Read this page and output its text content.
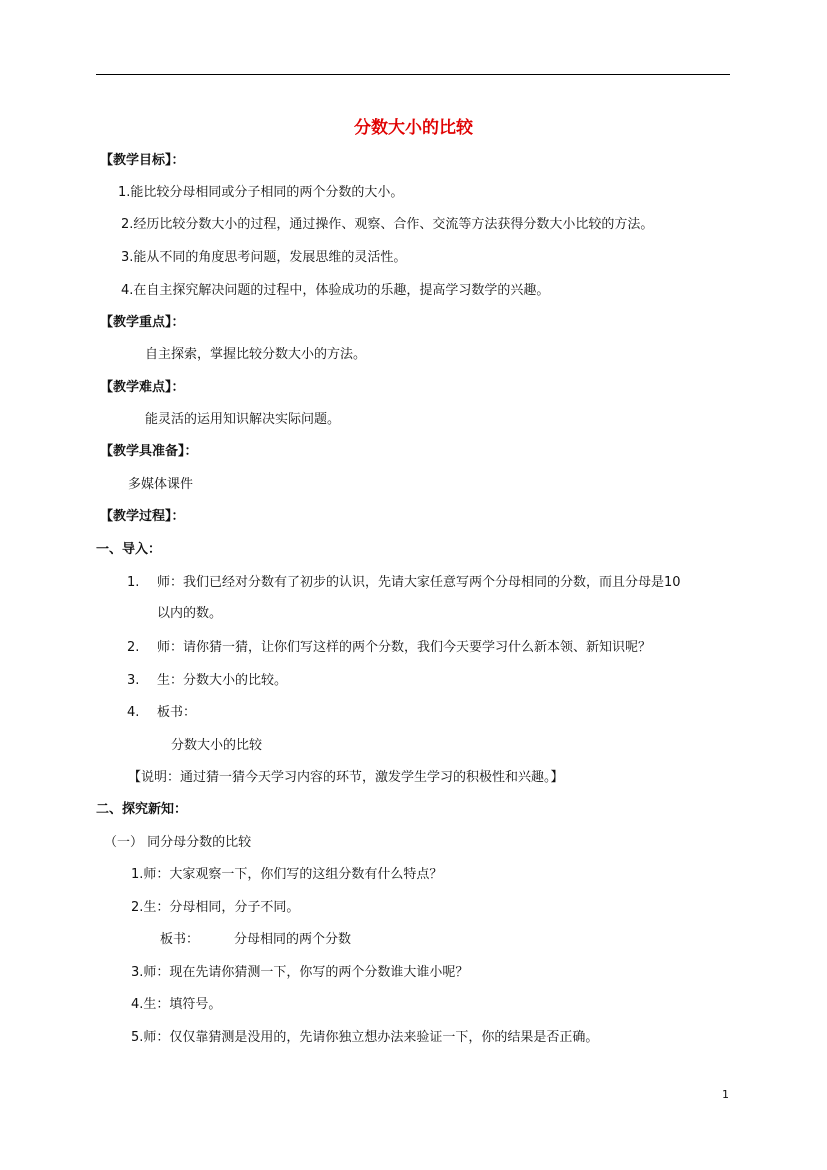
分数大小的比较
【教学目标】：
1.能比较分母相同或分子相同的两个分数的大小。
2.经历比较分数大小的过程，通过操作、观察、合作、交流等方法获得分数大小比较的方法。
3.能从不同的角度思考问题，发展思维的灵活性。
4.在自主探究解决问题的过程中，体验成功的乐趣，提高学习数学的兴趣。
【教学重点】：
自主探索，掌握比较分数大小的方法。
【教学难点】：
能灵活的运用知识解决实际问题。
【教学具准备】：
多媒体课件
【教学过程】：
一、导入：
1. 师：我们已经对分数有了初步的认识，先请大家任意写两个分母相同的分数，而且分母是10
以内的数。
2. 师：请你猜一猜，让你们写这样的两个分数，我们今天要学习什么新本领、新知识呢？
3. 生：分数大小的比较。
4. 板书：
分数大小的比较
【说明：通过猜一猜今天学习内容的环节，激发学生学习的积极性和兴趣。】
二、探究新知：
（一） 同分母分数的比较
1.师：大家观察一下，你们写的这组分数有什么特点？
2.生：分母相同，分子不同。
板书：	分母相同的两个分数
3.师：现在先请你猜测一下，你写的两个分数谁大谁小呢？
4.生：填符号。
5.师：仅仅靠猜测是没用的，先请你独立想办法来验证一下，你的结果是否正确。
1
